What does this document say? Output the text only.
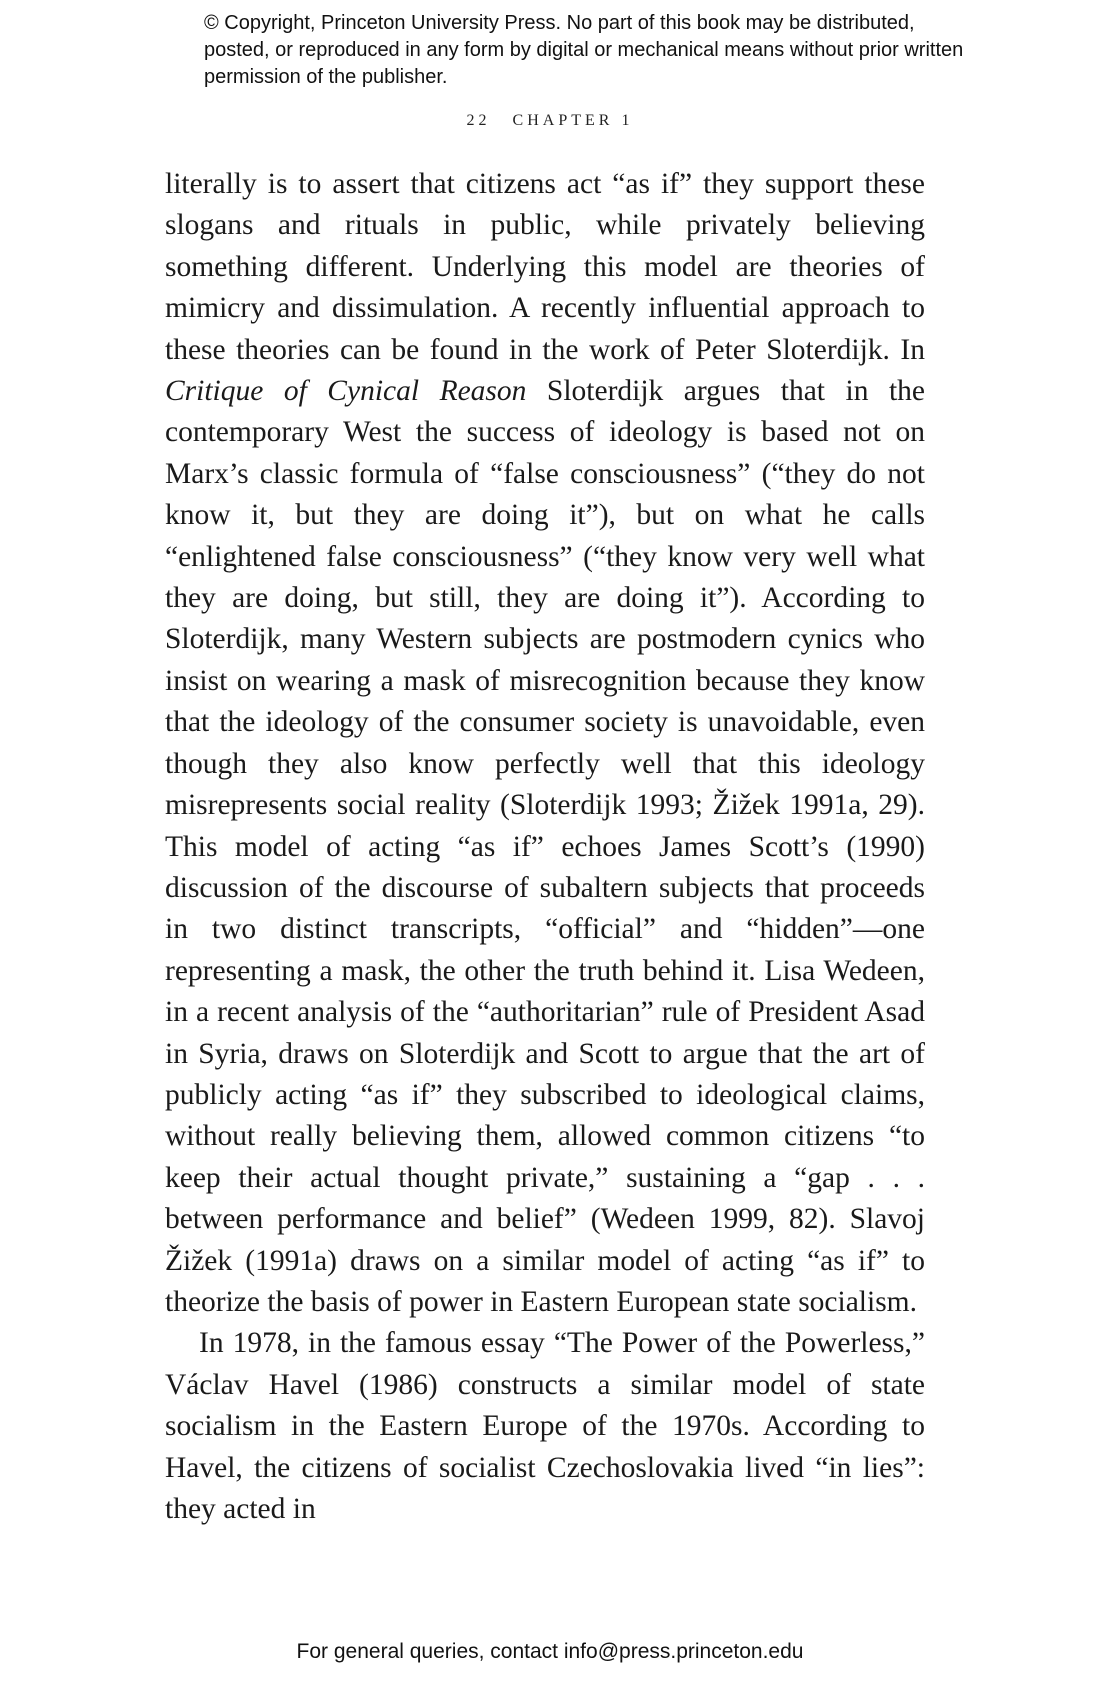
© Copyright, Princeton University Press. No part of this book may be distributed, posted, or reproduced in any form by digital or mechanical means without prior written permission of the publisher.
22 CHAPTER 1

literally is to assert that citizens act “as if” they support these slogans and rituals in public, while privately believing something different. Underlying this model are theories of mimicry and dissimulation. A recently influential approach to these theories can be found in the work of Peter Sloterdijk. In Critique of Cynical Reason Sloterdijk argues that in the contemporary West the success of ideology is based not on Marx’s classic formula of “false consciousness” (“they do not know it, but they are doing it”), but on what he calls “enlightened false consciousness” (“they know very well what they are doing, but still, they are doing it”). According to Sloterdijk, many Western subjects are postmodern cynics who insist on wearing a mask of misrecognition because they know that the ideology of the consumer society is unavoidable, even though they also know perfectly well that this ideology misrepresents social reality (Sloterdijk 1993; Žižek 1991a, 29). This model of acting “as if” echoes James Scott’s (1990) discussion of the discourse of subaltern subjects that proceeds in two distinct transcripts, “official” and “hidden”—one representing a mask, the other the truth behind it. Lisa Wedeen, in a recent analysis of the “authoritarian” rule of President Asad in Syria, draws on Sloterdijk and Scott to argue that the art of publicly acting “as if” they subscribed to ideological claims, without really believing them, allowed common citizens “to keep their actual thought private,” sustaining a “gap . . . between performance and belief” (Wedeen 1999, 82). Slavoj Žižek (1991a) draws on a similar model of acting “as if” to theorize the basis of power in Eastern European state socialism.

In 1978, in the famous essay “The Power of the Powerless,” Václav Havel (1986) constructs a similar model of state socialism in the Eastern Europe of the 1970s. According to Havel, the citizens of socialist Czechoslovakia lived “in lies”: they acted in

For general queries, contact info@press.princeton.edu
